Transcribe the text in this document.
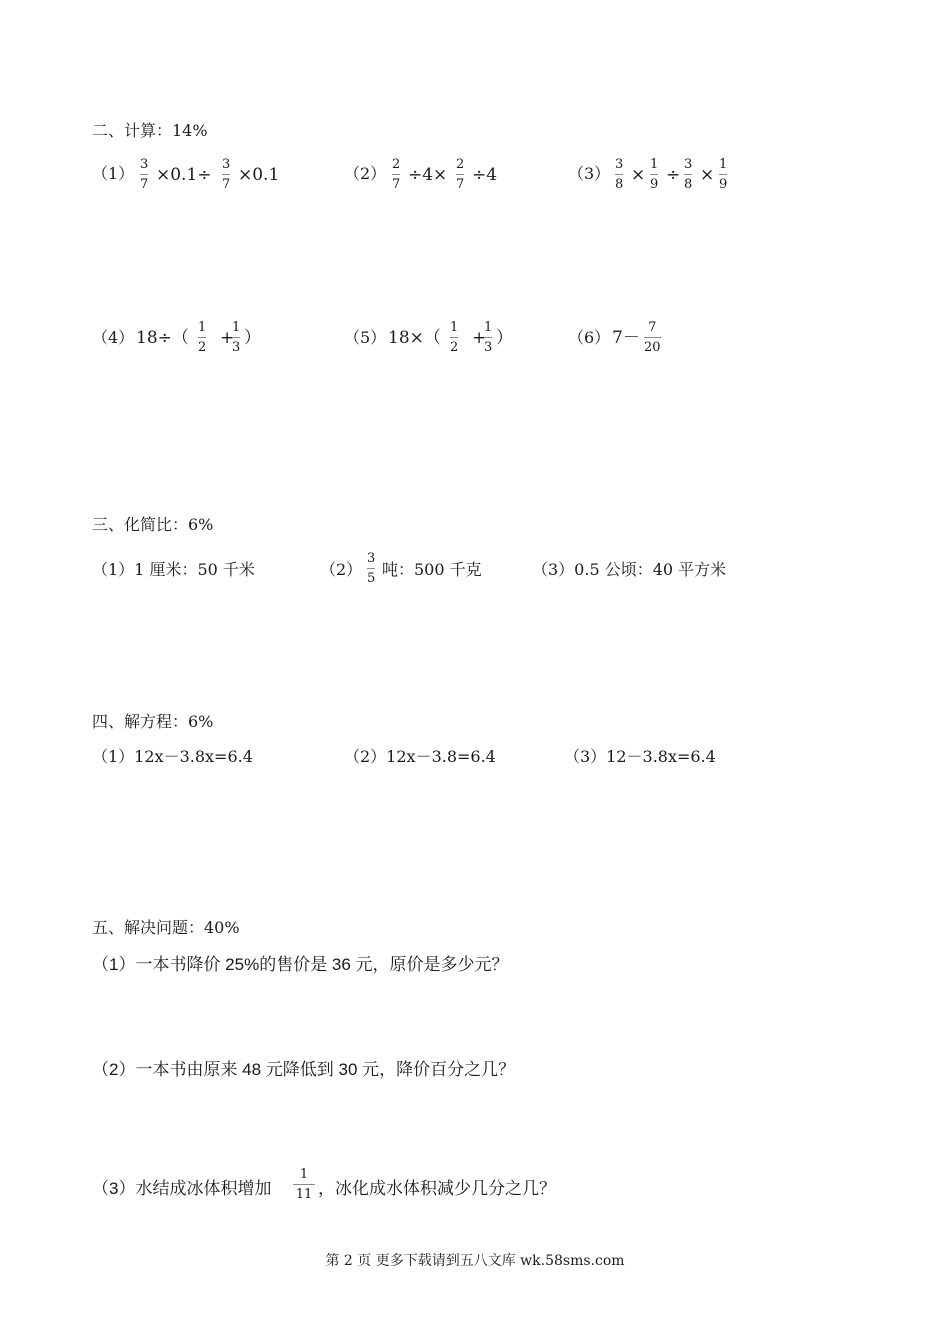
二、计算：14%
（1） 3
7 ×0.1÷
3
7 ×0.1	（2） 2
7 ÷4×
2
7 ÷4	（3） 3
8 ×
1
9 ÷
3
8 ×
1
9
（4） 18÷（
1
2 +
1
3 ）	（5） 18×（
1
2 +
1
3 ）	（6） 7－
7
20
三、化简比：6%
（1）1 厘米：50 千米	（2）
3
5 吨：500 千克	（3）0.5 公顷：40 平方米
四、解方程：6%
（1）12x－3.8x=6.4	（2）12x－3.8=6.4	（3）12－3.8x=6.4
五、解决问题：40%
（1）一本书降价 25%的售价是 36 元，原价是多少元？
（2）一本书由原来 48 元降低到 30 元，降价百分之几？
（3）水结成冰体积增加
1
11 ，冰化成水体积减少几分之几？
第 2 页 更多下载请到五八文库 wk.58sms.com
